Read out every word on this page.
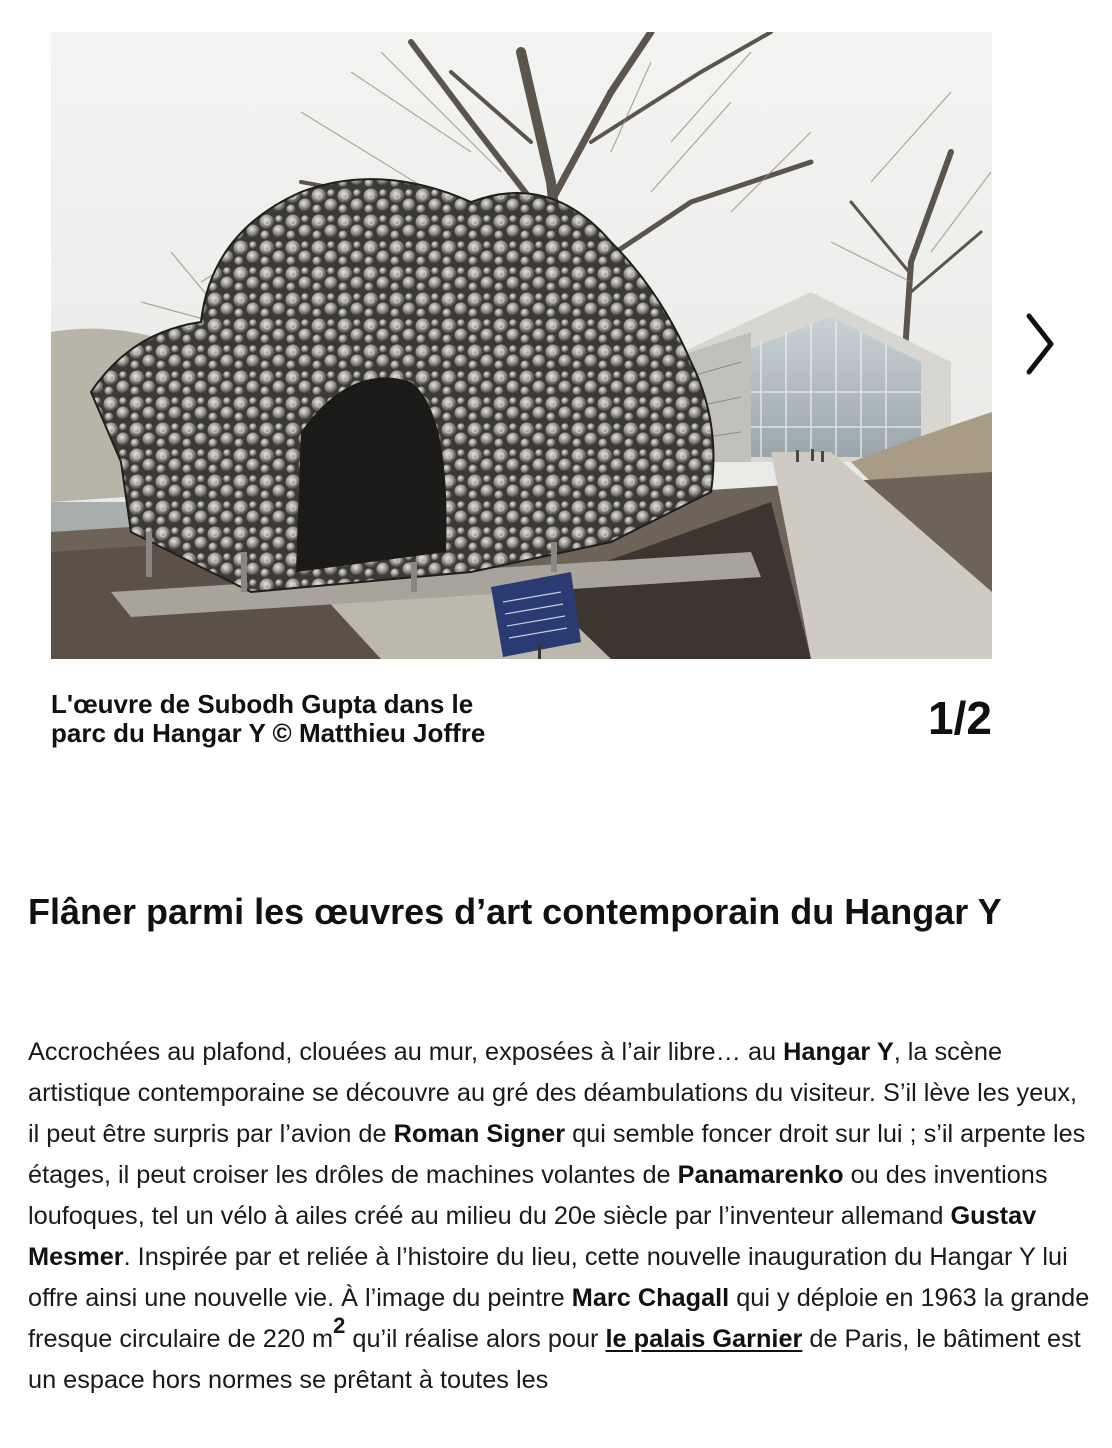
L'œuvre de Subodh Gupta dans le parc du Hangar Y © Matthieu Joffre	1/2
Flâner parmi les œuvres d’art contemporain du Hangar Y

Accrochées au plafond, clouées au mur, exposées à l’air libre… au Hangar Y, la scène artistique contemporaine se découvre au gré des déambulations du visiteur. S’il lève les yeux, il peut être surpris par l’avion de Roman Signer qui semble foncer droit sur lui ; s’il arpente les étages, il peut croiser les drôles de machines volantes de Panamarenko ou des inventions loufoques, tel un vélo à ailes créé au milieu du 20e siècle par l’inventeur allemand Gustav Mesmer. Inspirée par et reliée à l’histoire du lieu, cette nouvelle inauguration du Hangar Y lui offre ainsi une nouvelle vie. À l’image du peintre Marc Chagall qui y déploie en 1963 la grande fresque circulaire de 220 $m^2$ qu’il réalise alors pour le palais Garnier de Paris, le bâtiment est un espace hors normes se prêtant à toutes les
